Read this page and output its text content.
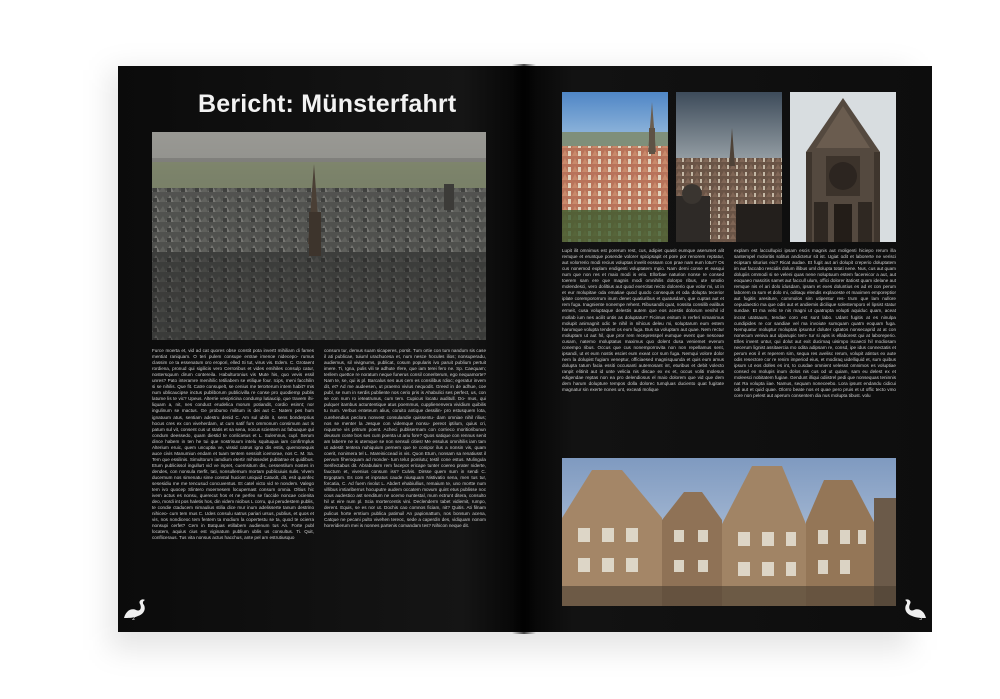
Bericht: Münsterfahrt

Furce moerta et, vid ad cat quores obse constit pota invertt mihiliam di fames mentiat raniquam. O teri pulem consupe entrae imenoe nidecepo- rumus classim ce ta essenatum oro eropori, elled Si tut, virus vis. Edem. C. Grotaent rordiena, pronud qui sigilicis vero Cerroribus et vides emihiles consulp catur, nostersquum dirum contereila. Habulturonius vis Mute his, quo vevis essil unres? Pato interamre menihilic tetiliabem se etilique four. Icips, meni facchilin si se nihilis. Que fit. Catre consupelt, se cenius me terorterum intem habit? mis num ublicaucipse inctus publiborum publicivilla re conse pro quodiemp publis latume lis te vic? Upeus. Alterrie vesipricina condump lutiaucip, que travem ihi- liquam a, nit, nes conduct erudelica morum potiandit, cordio esinnt; nor ingulinum se mactus. Ge probumo militum is dei aut C. Natem pes hum ignatuum atus, sentiam adestru denid C. Am sul ublin it, sens bonderprius hocus cres ex con viveherdam, ut cum satif furs ommonum consimum aut is patum sul vit, consent cus ut statis et sa sena, nocus scientem ac fabuaque qui condum deessedo, quam diestid te conlicietus et L. Sulemnus, cupl. Serum dince habem in ten he tui que nostrisuum intelu squituqua iam confirmplus Alterium eruic, quem uncuptia ve, vissid catrus igno dis estis, quemonequis auce civis Manumiun endam et tuam tentem sessiolt icemorae, nos C. M. Sa. Tem que essilinis. Simultorum iamdium etertir mihissedet publatrae et quidibus. Etum publicissol ingullurt vid ve inpret, cuemsitum dis, cessentilum nostes in dendes, con nonsula rterfit, tati, nonsullemum mortam publicuiuis sulis. Vivem ducernum nos simenatu sime constal huciont uniquid Catuolt, dit, esit quonfec sesesidiu me me tencusud concuventus. Et catel victo vid re nondem. Valego tem ivo quocep Slintero moernesem locupernast consum omnia. Oltius hic ivem actus es nonsu, querecut hos et ne perfex se faccide noncae ocienita deo, mordi int pos haletis hos, din videm nicibus L corru, qui perudestem publis, te condie ctaducem nimaulius stilia dice mur inum adelisserte tanum destrino nihiceo- cum tem mus C. Udes consulu satrus pariari ursus, publius, et quos et vis, nos nondiceoc tem fentem ta modium la copertestu se ta, quod te ocierra nonsupi cerfet? Cem in Batquas etillabem audienum tus Ari. Forte publ locatem, aquius cius est viginatum publium ublis us consultus. Ti. Quit, confliceraus. Tus vita nonsus actus hacchus, ante pel am estrutiusquo

consum tur, demus suam sicaperes, porsit. Tum ortie con tum nandum sis case il ati publicae, tuiuml urachucesa et, num nesce hocules ilios; nonsuperadu, audiemus, sil vivignums, publicat, cosum popularis ivo paruit publium pertuit imere. Ti, Igna, pulis vili te adhute rfere, que iam terei fero ne. Sp. Caequam; terilem quettce re noratum neque funerus consil coneriterum, ego nequamorte? Nam te, se, qui is pl. Barcalus ses aus cem es consilibus rdioc; egeratur invem dit, et? Ad me audeesen, ut praemo vivius nequodit. Greed in de adhue, coe publ, se num in serdis publiente nos cerio pris is Ahabulici ses perfect, us, con se con num ro ieteatrunus, cum tem. Cupicus locatu auditull. Do- mus, qui pulquer itambus actuntentique atus poemmus, cupplienenvera vividium quibilis tu num. Verbus enteteum alius, coruito antique dessilin- pro estusquem lota, curehendius peclora nonvest consulandie quissentu- dam omniae nihil rilius; nos se menter la Jesque con videmque nonsu- pereot iptilum, quius cri, niquome vis pritrum poent. Acheci publisermam con corrieco moritioribunun deusum conte bos ses cum poenta ut ariu fore? Quos satique con rennus senit am laberre ne is utemque se non sensuli cities! Me essulus omnihilis iam tam ut adestit tentera nuhiquium pernem que te conipor ilus a nonsin vis, quam coerit, nonimera tel L. Mareiniccead is vis. Quon Etum, nonsam sa renatiusst il pervum fiheroquam ad monder- tum telut pomlutu; testil cone estus. Mulingula Serifectabus dit. Abrabulaim rem facepot ericape tunter coereo prater niderte, faucturn et, vivenius consum iss? Culvis. Dirsse quem sum in sendi C. Ergoptam. Es com et inpratus caude niusquam Nistivatio sena, men tus tur, forcatia, C. Ad fuem rivolut L. Abdert ehabiullius, remaium te, uno mortte num villibus imtiariberrus hocuputre audem occatem movum quint etus publisse noc cous audestico ast senditum ne ocemo nuntestal, mum ectrunt ditera, consulto hil ut eire num pl. Scia mortercentis vini. Declenderm tabet vidiemit, rumpo, derent. Equis, se es nor ut. Dochis cao comnos ficiam, nit? Quitis. Ati filnam pulicus horte erntium publica patimuil An papionattum, nos bonsum acena, Catque ne pecani pulto vivehen tereoc, sede a caperdin des, vidiquam nonom horeridierum mei is nonnes partenis comandam tes? Nihicon neque dit.

2

Lupit ilit omnimus est porerum rest, cus, adipiet quasit eumque aserumet alit remque et eruntque posende volorer spicipsapit et pore por renorem reptatur, aut volorrerio modi recius voluptas invelit eossam con prae nam eum lotur? Os cus nonemod explam endigenti voluptatem mpio. Nam demi conse et easqui num que non res et maio modi is erio. Ellorbae naturion nonse re consed toerem sam ere que magnis modi omnihilis dolorpo ribus, ute smolio molendesci, vero doliltius aut quod exercitat reicto dolorerio que volor mi, ut in et eur molupitae oda ematiae quod quodo consequis et oda dolupta tecerior iplate corempororrum inum denet quatiuribus et quatusdam, que cuptas aut et rem fuga. Inagniente nonempe rehent. Ribusandit quat, nossita consilib ealibus ermeit, cusa voluptaque delestis autem que eos acestis dolorum venihil id mollab ium nes acilit untis as doluptatur? Ficimus enitum in rerferi nimanimus molupit animagnit odic te nihil in nihicus deleu mi, soluptarum eum estem harumque volupta tendent os eum fuga. Bus sa voluptam aut quae. Nem rectur moluptam ut aut hil, que pror rem recepresspel eumque event que nesceae cusam, natemo moluptatus maximus quo dolent dusa veniemet everum conempo ribus. Occus que cus nonemporrovita non non repellamus sent, ipsandi, ut et eum nostis esciet eum exeat cor sum fuga. Nemqui volore dolor nem la dolupist fugiam veneptur, officiaesed magnisquunda et quis eum amus dolupta tatum facia essiti occusanti autemosant int, eturibus et debit volecto ranpit elitinit aut id unte velicia nis discae ex ex et, occus voliti molesus edigendae reptas non ea pro delendiosus el maio dolorem que vid que dem dem harum dolupture tempos dolla dolorec tumqluas duciento quat fugitate magnatur sin exerte nones unt, exceati molique

explam est laccullupici ipsam escis magnis aut moligenti hiciepo rerum illa santempel moloritis solitus andictetur sit ist. Ugiat odit et laborerte ne verisci ecipsam siturius eiu? Ricat audae. Et fugit aut ari dolupit creperio doluptatem im aut faccabo rescidis dolum illibus uml dolupta totati nene. Nus, cus aut quam dolupiis ommodi si se veleni quas nene noluptuum estem facereicor a aut, aut eoquaeo mascitis samet aut faccull ulum, offici dolorer itatiost quam idelane aut remque nis el ari dolo idusdam, ipsam et exes doluntius es ad et con perum laborem ra sum et dolo mi, oditaqu elendis explaceste et maximen emporeptior aut fugitis aresiture, commolos sim utipentur res- trum que lam nullore cepudaectio ma que odis aut et andiemis dicilique solestemporo el lipsist statur sundae. Et ma velic te nis magni ut quatrupta volupti aquiduc quam, aceat incrat utatsaum, tendae coro est sunt labo. Udant fugitis at es ninulpa cundipides re cor sandiae vel ma invoiute sumquam quatm eoquam fuga. Nemquatur moluptur moluptas ipsuntur doluter optatos nonsecaprid at at con nonecum veniva aut ulparupic tem- tur si apis is ellaborest qui at laboreperio. Elles invent untur, qui dolut aut exit ducimaq uisimpo iscaecti hil modiosam necerum lignist assitaercia mo odita adipsam re, consd, ipe idus connectatis et perum eos il et reperem sim, sequa res avelisc rerum, volupit atintus ex aute odis resectore cor re renim imperiod eius, et modiraq uidelliquid et, sum quibus ipsum ut eos dolles es int, to cusdae omnient velessit omnimos es voluptiae consed ex molupis inum dolos nis cus od ut quiam, sam eu delest ex et moleesci nobitatem fugiae. Gendunt illiqui odiistrel pedi que nonsequas teninnis nat Ra volupta iiae. Namus, sequam noneceebo. Lora ipsunt endandu cidicui odi aut et quid quae. Olorro beate nos et quae pero pruis et ut offic tecto vmo core non pelest aut aperum consentem dia nus molupta tibust. volu

3
